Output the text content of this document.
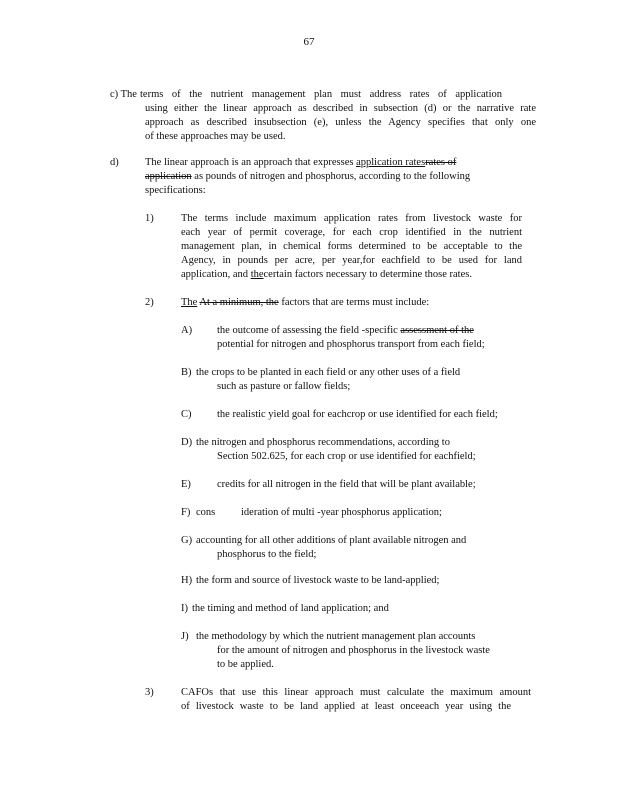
67
c) The terms of the nutrient management plan must address rates of application
using either the linear approach as described in subsection (d) or the narrative rate
approach as described insubsection (e), unless the Agency specifies that only one
of these approaches may be used.
d)	The linear approach is an approach that expresses application ratesrates of
application as pounds of nitrogen and phosphorus, according to the following
specifications:
1)	The terms include maximum application rates from livestock waste for
each year of permit coverage, for each crop identified in the nutrient
management plan, in chemical forms determined to be acceptable to the
Agency, in pounds per acre, per year,for eachfield to be used for land
application, and thecertain factors necessary to determine those rates.
2)	The At a minimum, the factors that are terms must include:
A) the outcome of assessing the field -specific assessment of the
potential for nitrogen and phosphorus transport from each field;
B) the crops to be planted in each field or any other uses of a field
such as pasture or fallow fields;
C) the realistic yield goal for eachcrop or use identified for each field;
D) the nitrogen and phosphorus recommendations, according to
Section 502.625, for each crop or use identified for eachfield;
E) credits for all nitrogen in the field that will be plant available;
F) cons ideration of multi -year phosphorus application;
G) accounting for all other additions of plant available nitrogen and
phosphorus to the field;
H) the form and source of livestock waste to be land-applied;
I) the timing and method of land application; and
J) the methodology by which the nutrient management plan accounts
for the amount of nitrogen and phosphorus in the livestock waste
to be applied.
3)	CAFOs that use this linear approach must calculate the maximum amount
of livestock waste to be land applied at least onceeach year using the
